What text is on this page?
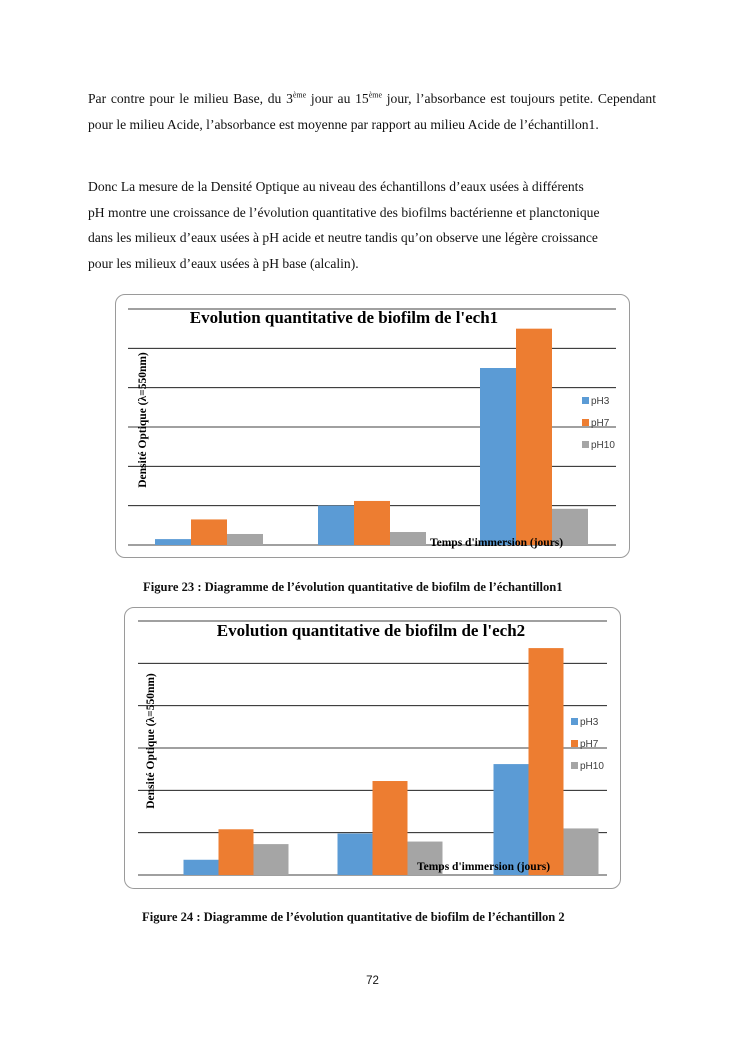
Par contre pour le milieu Base, du 3ème jour au 15ème jour, l’absorbance est toujours petite. Cependant pour le milieu Acide, l’absorbance est moyenne par rapport au milieu Acide de l’échantillon1.

Donc La mesure de la Densité Optique au niveau des échantillons d’eaux usées à différents
pH montre une croissance de l’évolution quantitative des biofilms bactérienne et planctonique
dans les milieux d’eaux usées à pH acide et neutre tandis qu’on observe une légère croissance
pour les milieux d’eaux usées à pH base (alcalin).
Evolution quantitative de biofilm de l'ech1
Densité Optique (λ=550nm)
Temps d'immersion (jours)
pH3
pH7
pH10

Figure 23 : Diagramme de l’évolution quantitative de biofilm de l’échantillon1

Evolution quantitative de biofilm de l'ech2
Densité Optique (λ=550nm)
Temps d'immersion (jours)
pH3
pH7
pH10

Figure 24 : Diagramme de l’évolution quantitative de biofilm de l’échantillon 2

72
